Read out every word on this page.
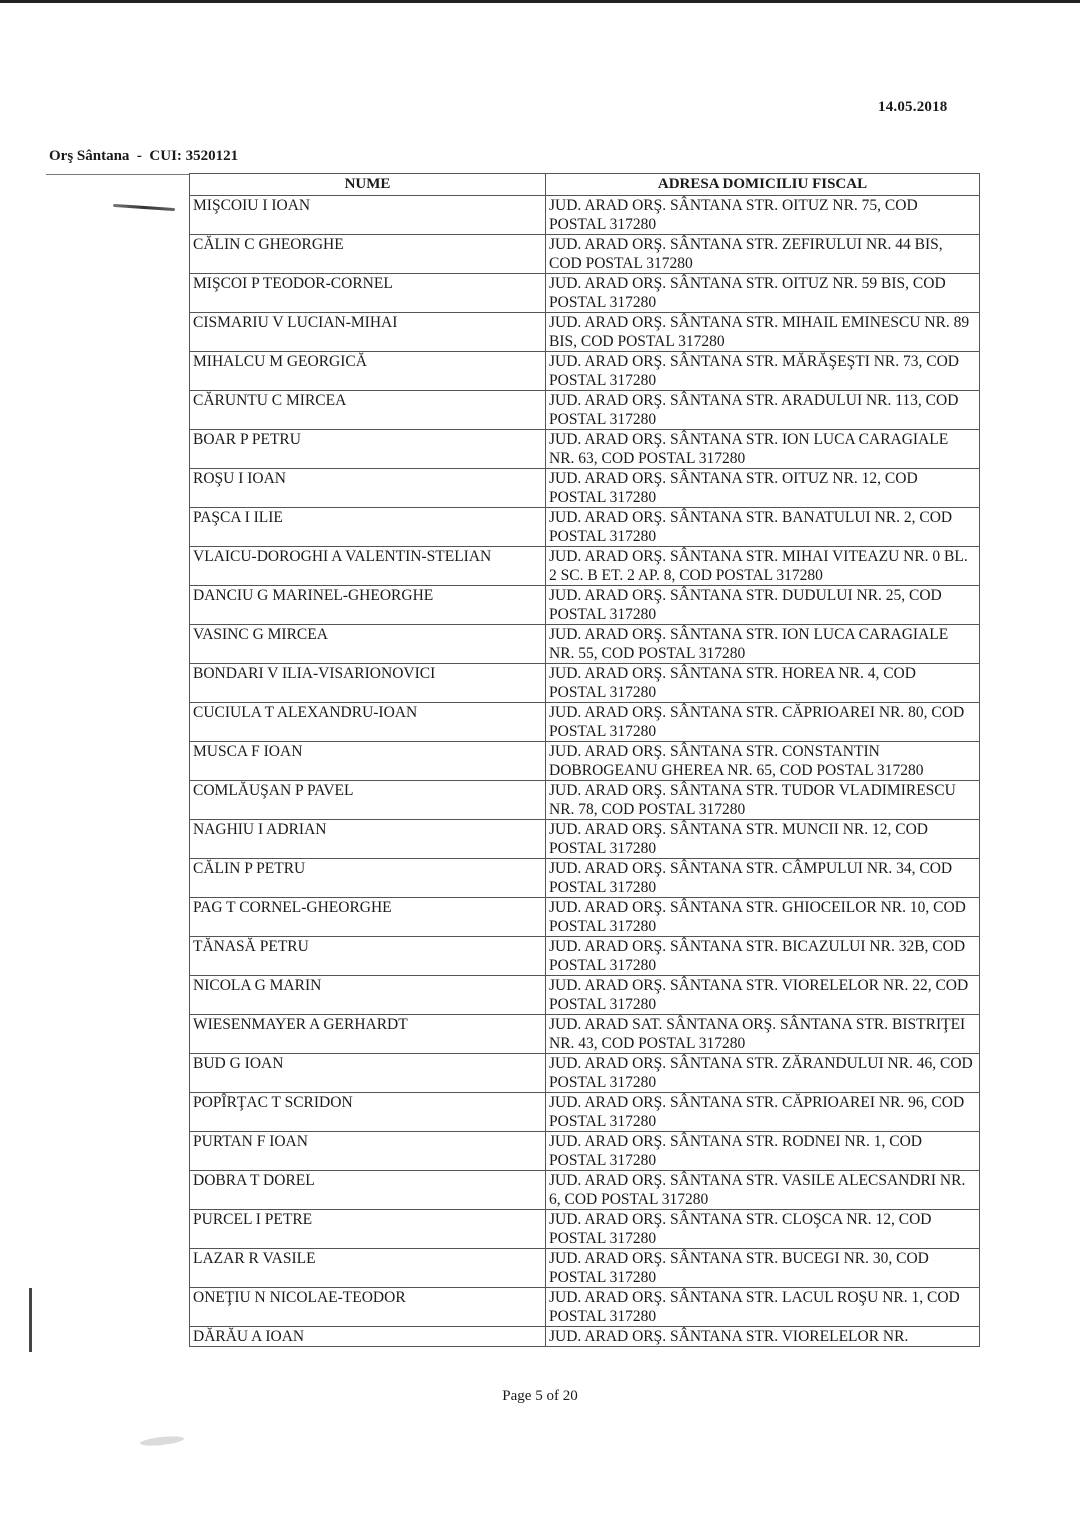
14.05.2018
Orş Sântana  -  CUI: 3520121
NUME	ADRESA DOMICILIU FISCAL
MIŞCOIU I IOAN	JUD. ARAD ORŞ. SÂNTANA STR. OITUZ NR. 75, COD POSTAL 317280
CĂLIN C GHEORGHE	JUD. ARAD ORŞ. SÂNTANA STR. ZEFIRULUI NR. 44 BIS, COD POSTAL 317280
MIŞCOI P TEODOR-CORNEL	JUD. ARAD ORŞ. SÂNTANA STR. OITUZ NR. 59 BIS, COD POSTAL 317280
CISMARIU V LUCIAN-MIHAI	JUD. ARAD ORŞ. SÂNTANA STR. MIHAIL EMINESCU NR. 89 BIS, COD POSTAL 317280
MIHALCU M GEORGICĂ	JUD. ARAD ORŞ. SÂNTANA STR. MĂRĂŞEŞTI NR. 73, COD POSTAL 317280
CĂRUNTU C MIRCEA	JUD. ARAD ORŞ. SÂNTANA STR. ARADULUI NR. 113, COD POSTAL 317280
BOAR P PETRU	JUD. ARAD ORŞ. SÂNTANA STR. ION LUCA CARAGIALE NR. 63, COD POSTAL 317280
ROŞU I IOAN	JUD. ARAD ORŞ. SÂNTANA STR. OITUZ NR. 12, COD POSTAL 317280
PAŞCA I ILIE	JUD. ARAD ORŞ. SÂNTANA STR. BANATULUI NR. 2, COD POSTAL 317280
VLAICU-DOROGHI A VALENTIN-STELIAN	JUD. ARAD ORŞ. SÂNTANA STR. MIHAI VITEAZU NR. 0 BL. 2 SC. B ET. 2 AP. 8, COD POSTAL 317280
DANCIU G MARINEL-GHEORGHE	JUD. ARAD ORŞ. SÂNTANA STR. DUDULUI NR. 25, COD POSTAL 317280
VASINC G MIRCEA	JUD. ARAD ORŞ. SÂNTANA STR. ION LUCA CARAGIALE NR. 55, COD POSTAL 317280
BONDARI V ILIA-VISARIONOVICI	JUD. ARAD ORŞ. SÂNTANA STR. HOREA NR. 4, COD POSTAL 317280
CUCIULA T ALEXANDRU-IOAN	JUD. ARAD ORŞ. SÂNTANA STR. CĂPRIOAREI NR. 80, COD POSTAL 317280
MUSCA F IOAN	JUD. ARAD ORŞ. SÂNTANA STR. CONSTANTIN DOBROGEANU GHEREA NR. 65, COD POSTAL 317280
COMLĂUŞAN P PAVEL	JUD. ARAD ORŞ. SÂNTANA STR. TUDOR VLADIMIRESCU NR. 78, COD POSTAL 317280
NAGHIU I ADRIAN	JUD. ARAD ORŞ. SÂNTANA STR. MUNCII NR. 12, COD POSTAL 317280
CĂLIN P PETRU	JUD. ARAD ORŞ. SÂNTANA STR. CÂMPULUI NR. 34, COD POSTAL 317280
PAG T CORNEL-GHEORGHE	JUD. ARAD ORŞ. SÂNTANA STR. GHIOCEILOR NR. 10, COD POSTAL 317280
TĂNASĂ PETRU	JUD. ARAD ORŞ. SÂNTANA STR. BICAZULUI NR. 32B, COD POSTAL 317280
NICOLA G MARIN	JUD. ARAD ORŞ. SÂNTANA STR. VIORELELOR NR. 22, COD POSTAL 317280
WIESENMAYER A GERHARDT	JUD. ARAD SAT. SÂNTANA ORŞ. SÂNTANA STR. BISTRIŢEI NR. 43, COD POSTAL 317280
BUD G IOAN	JUD. ARAD ORŞ. SÂNTANA STR. ZĂRANDULUI NR. 46, COD POSTAL 317280
POPÎRŢAC T SCRIDON	JUD. ARAD ORŞ. SÂNTANA STR. CĂPRIOAREI NR. 96, COD POSTAL 317280
PURTAN F IOAN	JUD. ARAD ORŞ. SÂNTANA STR. RODNEI NR. 1, COD POSTAL 317280
DOBRA T DOREL	JUD. ARAD ORŞ. SÂNTANA STR. VASILE ALECSANDRI NR. 6, COD POSTAL 317280
PURCEL I PETRE	JUD. ARAD ORŞ. SÂNTANA STR. CLOŞCA NR. 12, COD POSTAL 317280
LAZAR R VASILE	JUD. ARAD ORŞ. SÂNTANA STR. BUCEGI NR. 30, COD POSTAL 317280
ONEŢIU N NICOLAE-TEODOR	JUD. ARAD ORŞ. SÂNTANA STR. LACUL ROŞU NR. 1, COD POSTAL 317280
DĂRĂU A IOAN	JUD. ARAD ORŞ. SÂNTANA STR. VIORELELOR NR.
Page 5 of 20
